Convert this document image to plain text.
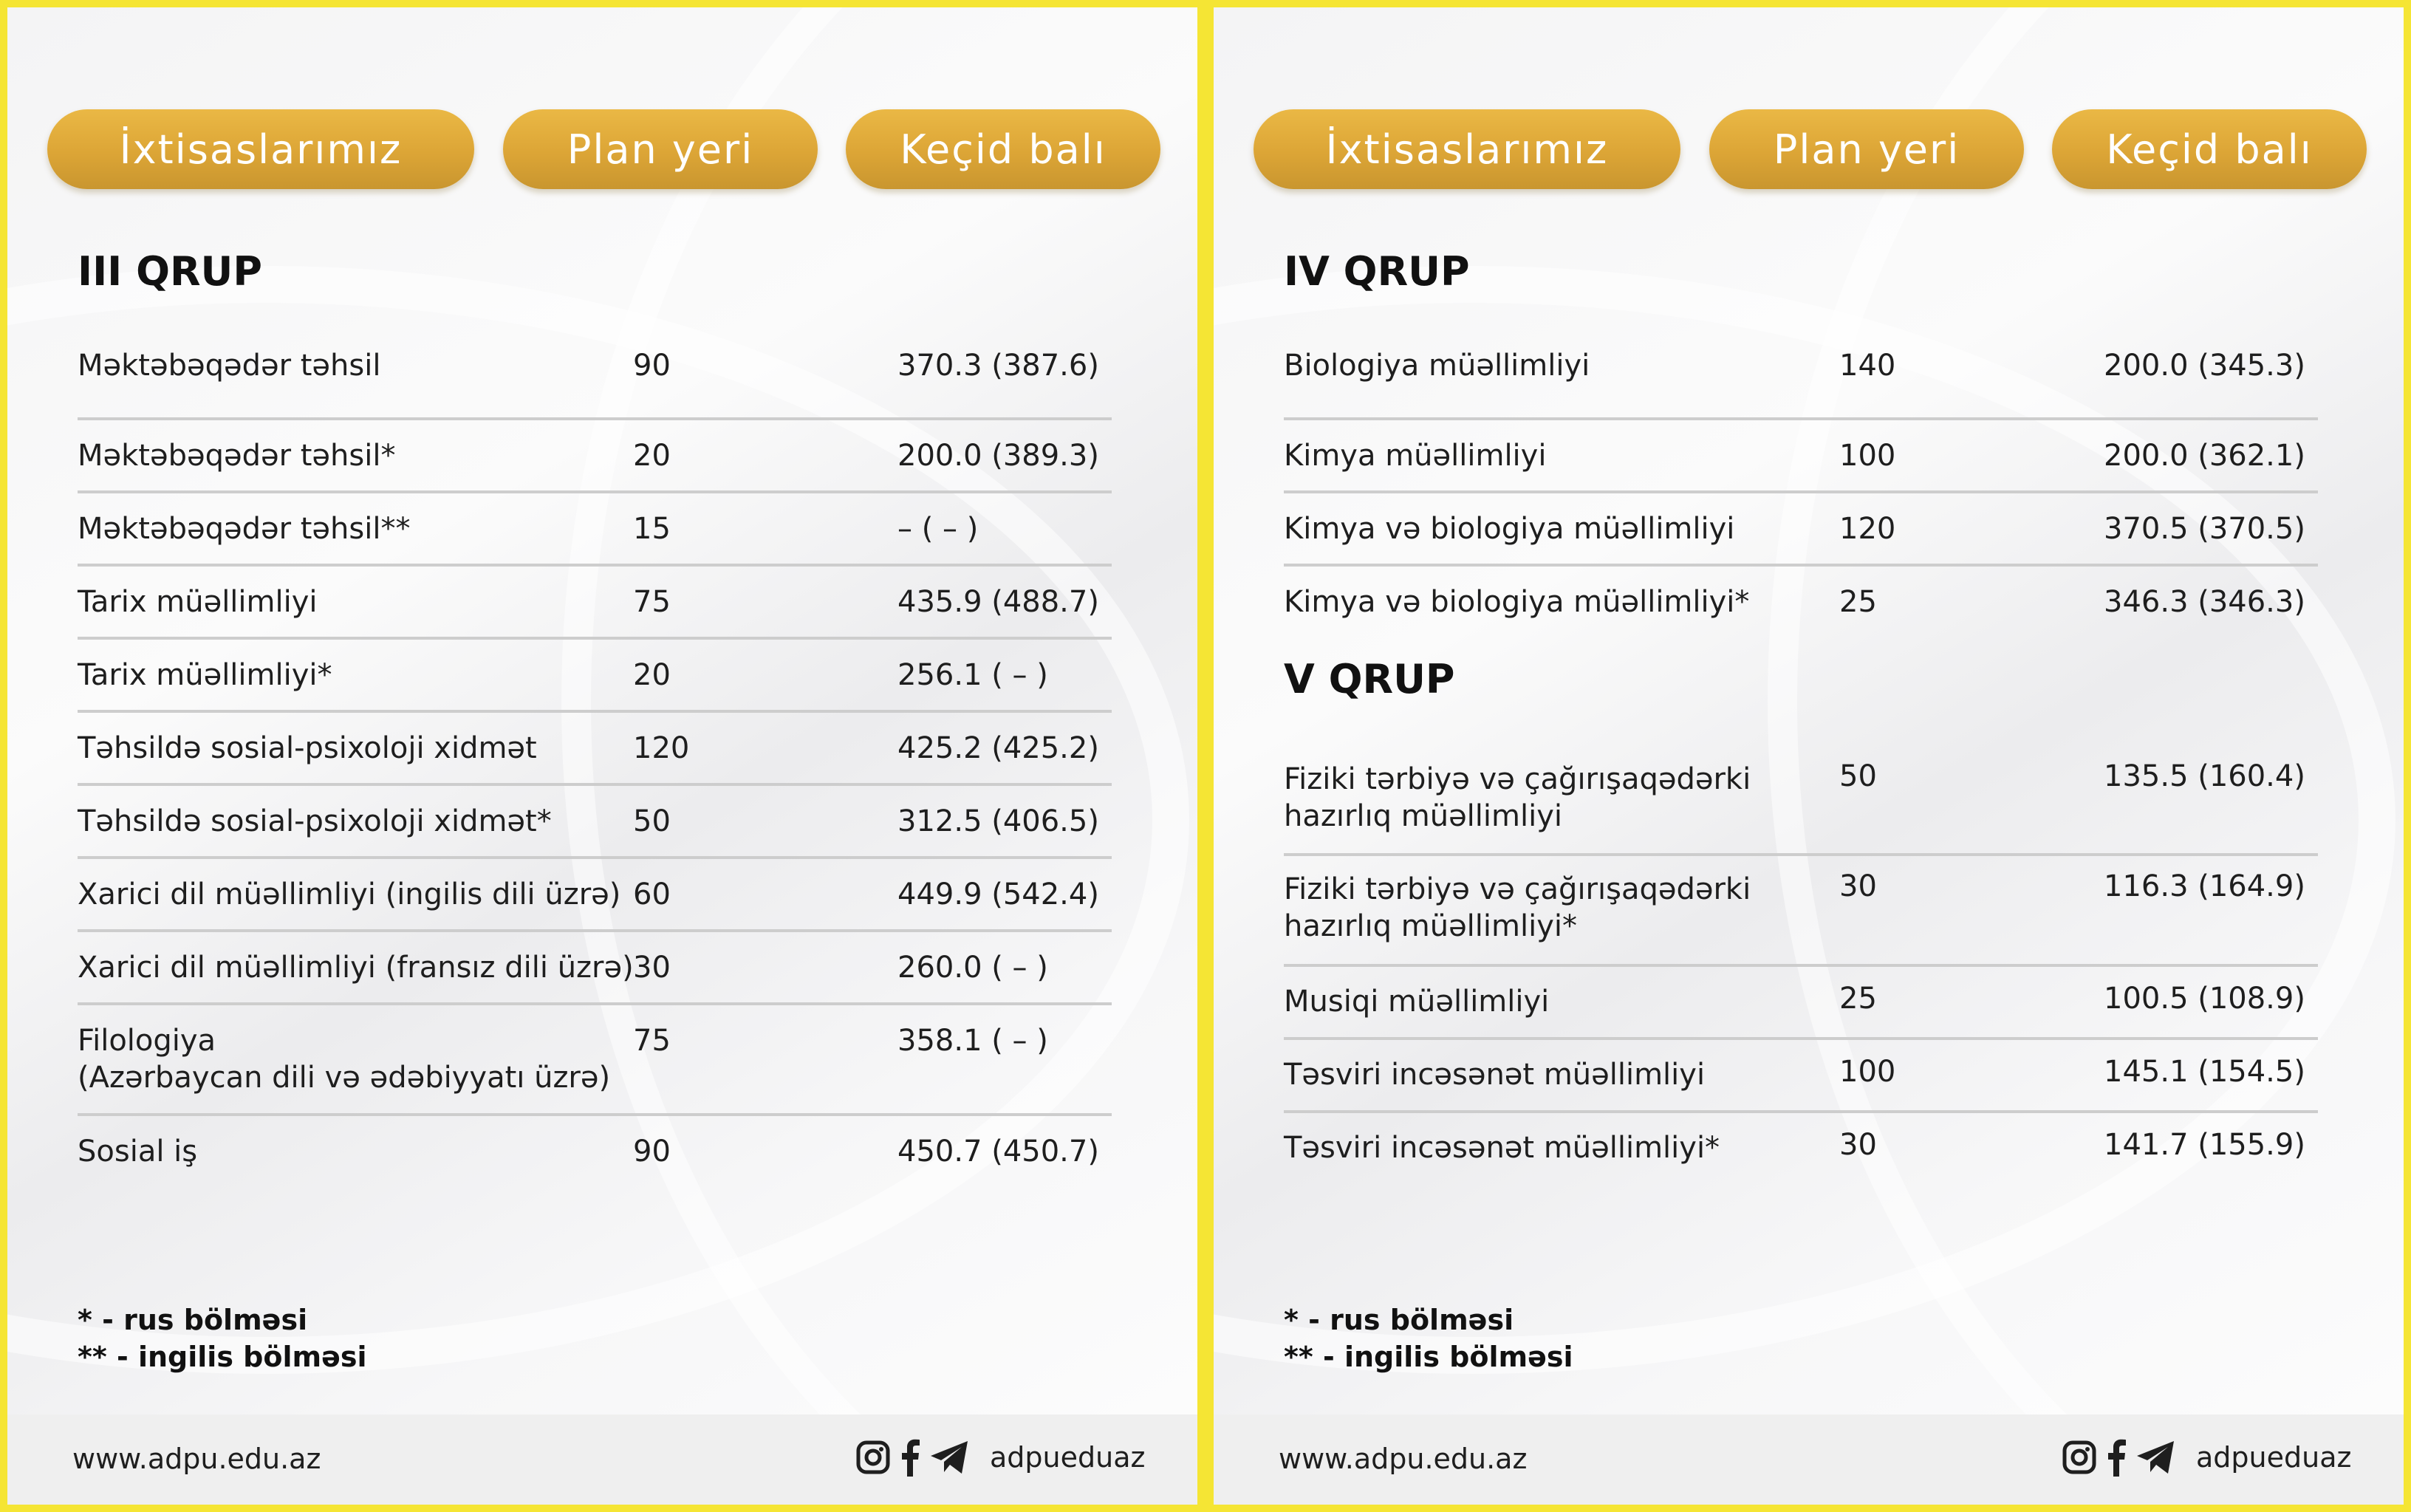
İxtisaslarımız	Plan yeri	Keçid balı
III QRUP
Məktəbəqədər təhsil	90	370.3 (387.6)
Məktəbəqədər təhsil*	20	200.0 (389.3)
Məktəbəqədər təhsil**	15	– ( – )
Tarix müəllimliyi	75	435.9 (488.7)
Tarix müəllimliyi*	20	256.1 ( – )
Təhsildə sosial-psixoloji xidmət	120	425.2 (425.2)
Təhsildə sosial-psixoloji xidmət*	50	312.5 (406.5)
Xarici dil müəllimliyi (ingilis dili üzrə) 60	449.9 (542.4)
Xarici dil müəllimliyi (fransız dili üzrə) 30	260.0 ( – )
Filologiya
(Azərbaycan dili və ədəbiyyatı üzrə)
75	358.1 ( – )
Sosial iş	90	450.7 (450.7)
* - rus bölməsi
** - ingilis bölməsi
www.adpu.edu.az	adpueduaz
İxtisaslarımız	Plan yeri	Keçid balı
IV QRUP
Biologiya müəllimliyi	140	200.0 (345.3)
Kimya müəllimliyi	100	200.0 (362.1)
Kimya və biologiya müəllimliyi	120	370.5 (370.5)
Kimya və biologiya müəllimliyi*	25	346.3 (346.3)
V QRUP
Fiziki tərbiyə və çağırışaqədərki
hazırlıq müəllimliyi
50	135.5 (160.4)
Fiziki tərbiyə və çağırışaqədərki
hazırlıq müəllimliyi*
30	116.3 (164.9)
Musiqi müəllimliyi	25	100.5 (108.9)
Təsviri incəsənət müəllimliyi	100	145.1 (154.5)
Təsviri incəsənət müəllimliyi*	30	141.7 (155.9)
* - rus bölməsi
** - ingilis bölməsi
www.adpu.edu.az	adpueduaz
